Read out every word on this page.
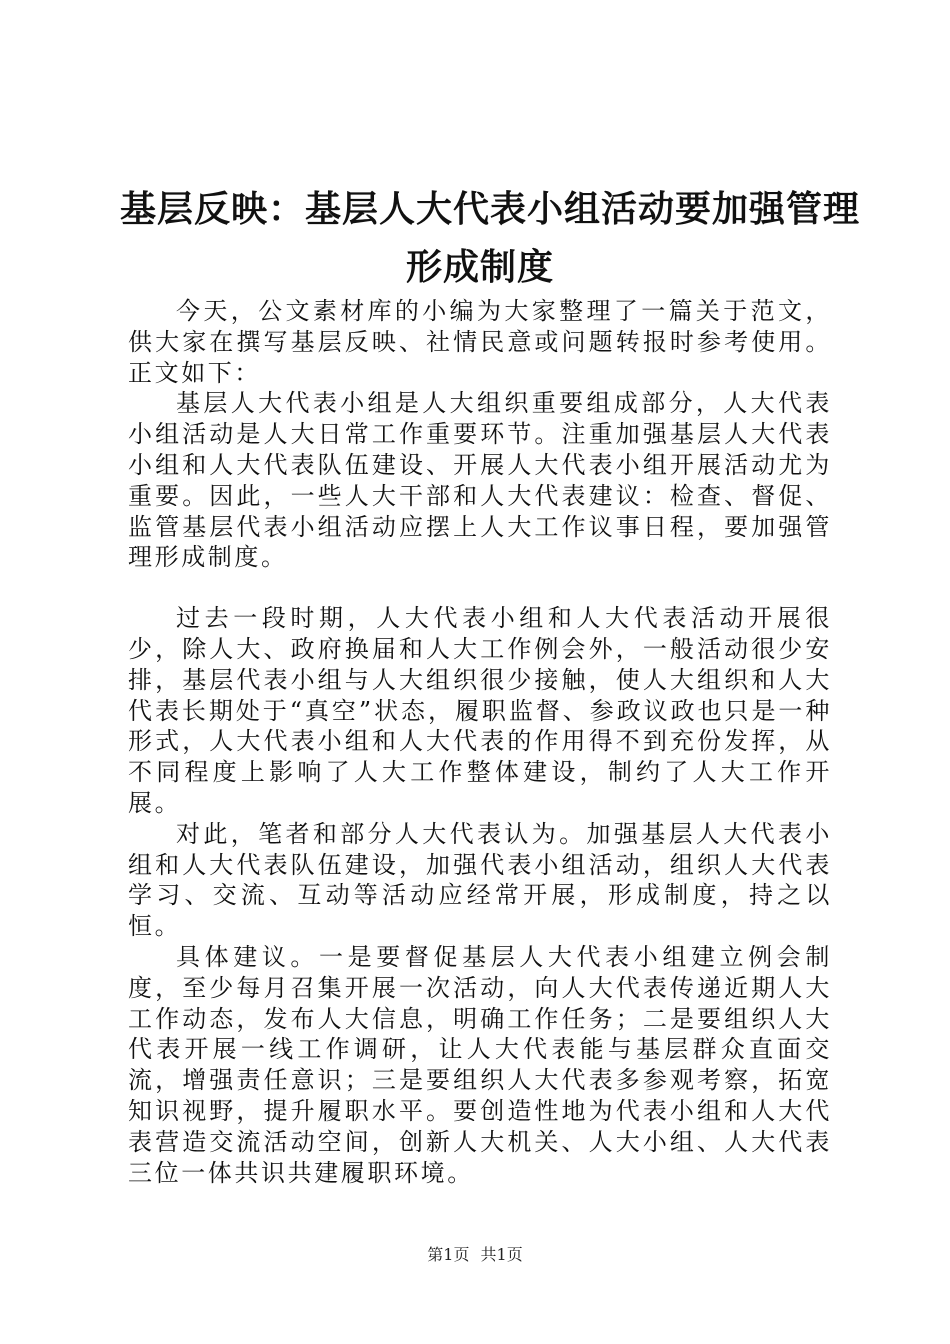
基层反映：基层人大代表小组活动要加强管理
形成制度

今天，公文素材库的小编为大家整理了一篇关于范文，供大家在撰写基层反映、社情民意或问题转报时参考使用。正文如下：

基层人大代表小组是人大组织重要组成部分，人大代表小组活动是人大日常工作重要环节。注重加强基层人大代表小组和人大代表队伍建设、开展人大代表小组开展活动尤为重要。因此，一些人大干部和人大代表建议：检查、督促、监管基层代表小组活动应摆上人大工作议事日程，要加强管理形成制度。

过去一段时期，人大代表小组和人大代表活动开展很少，除人大、政府换届和人大工作例会外，一般活动很少安排，基层代表小组与人大组织很少接触，使人大组织和人大代表长期处于“真空”状态，履职监督、参政议政也只是一种形式，人大代表小组和人大代表的作用得不到充份发挥，从不同程度上影响了人大工作整体建设，制约了人大工作开展。

对此，笔者和部分人大代表认为。加强基层人大代表小组和人大代表队伍建设，加强代表小组活动，组织人大代表学习、交流、互动等活动应经常开展，形成制度，持之以恒。

具体建议。一是要督促基层人大代表小组建立例会制度，至少每月召集开展一次活动，向人大代表传递近期人大工作动态，发布人大信息，明确工作任务；二是要组织人大代表开展一线工作调研，让人大代表能与基层群众直面交流，增强责任意识；三是要组织人大代表多参观考察，拓宽知识视野，提升履职水平。要创造性地为代表小组和人大代表营造交流活动空间，创新人大机关、人大小组、人大代表三位一体共识共建履职环境。

第1页 共1页
